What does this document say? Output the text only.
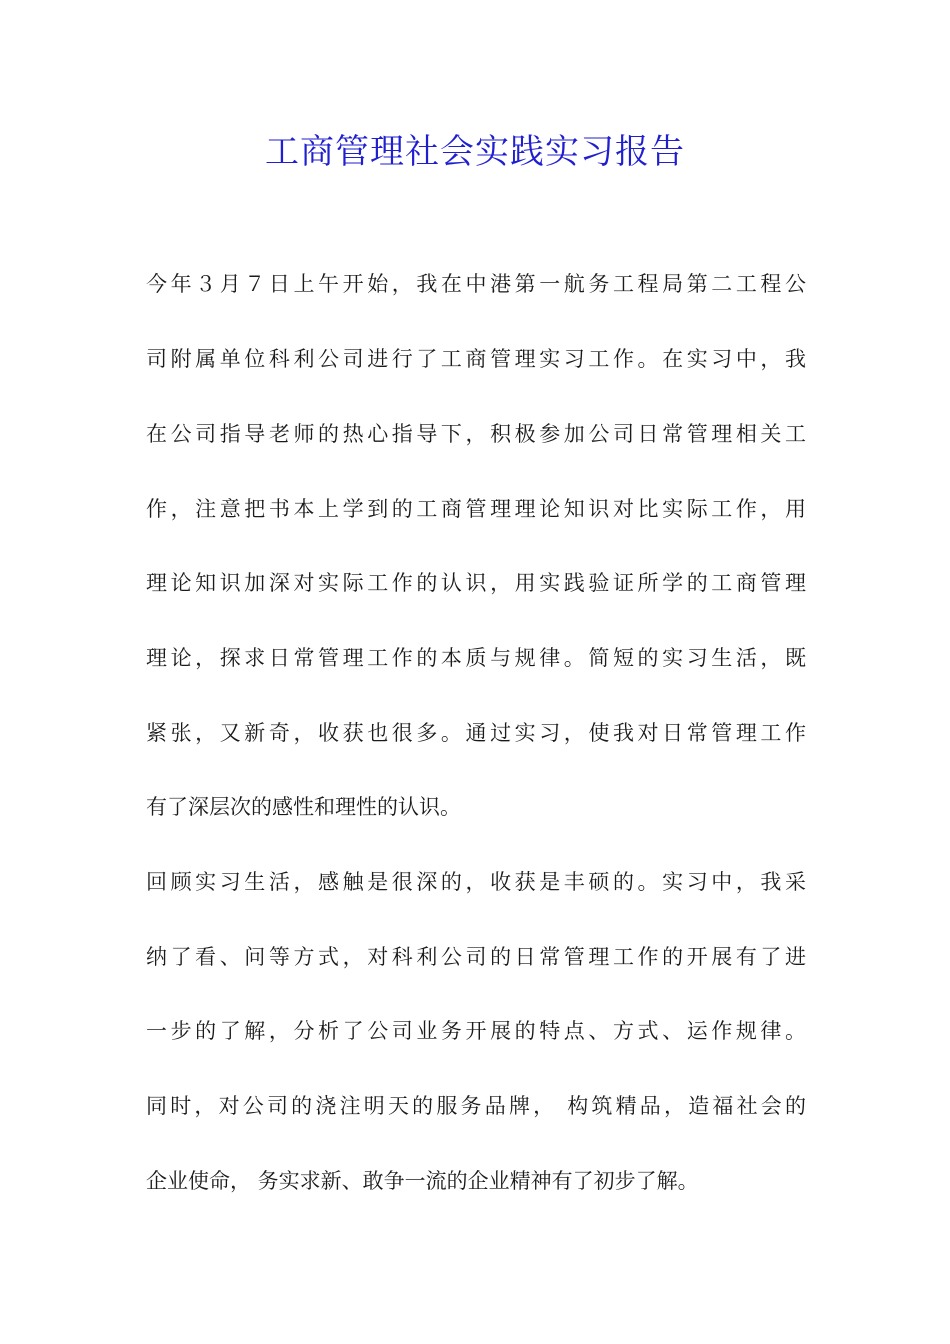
工商管理社会实践实习报告
今年３月７日上午开始，我在中港第一航务工程局第二工程公
司附属单位科利公司进行了工商管理实习工作。在实习中，我
在公司指导老师的热心指导下，积极参加公司日常管理相关工
作，注意把书本上学到的工商管理理论知识对比实际工作，用
理论知识加深对实际工作的认识，用实践验证所学的工商管理
理论，探求日常管理工作的本质与规律。简短的实习生活，既
紧张，又新奇，收获也很多。通过实习，使我对日常管理工作
有了深层次的感性和理性的认识。
回顾实习生活，感触是很深的，收获是丰硕的。实习中，我采
纳了看、问等方式，对科利公司的日常管理工作的开展有了进
一步的了解，分析了公司业务开展的特点、方式、运作规律。
同时，对公司的浇注明天的服务品牌， 构筑精品，造福社会的
企业使命， 务实求新、敢争一流的企业精神有了初步了解。
